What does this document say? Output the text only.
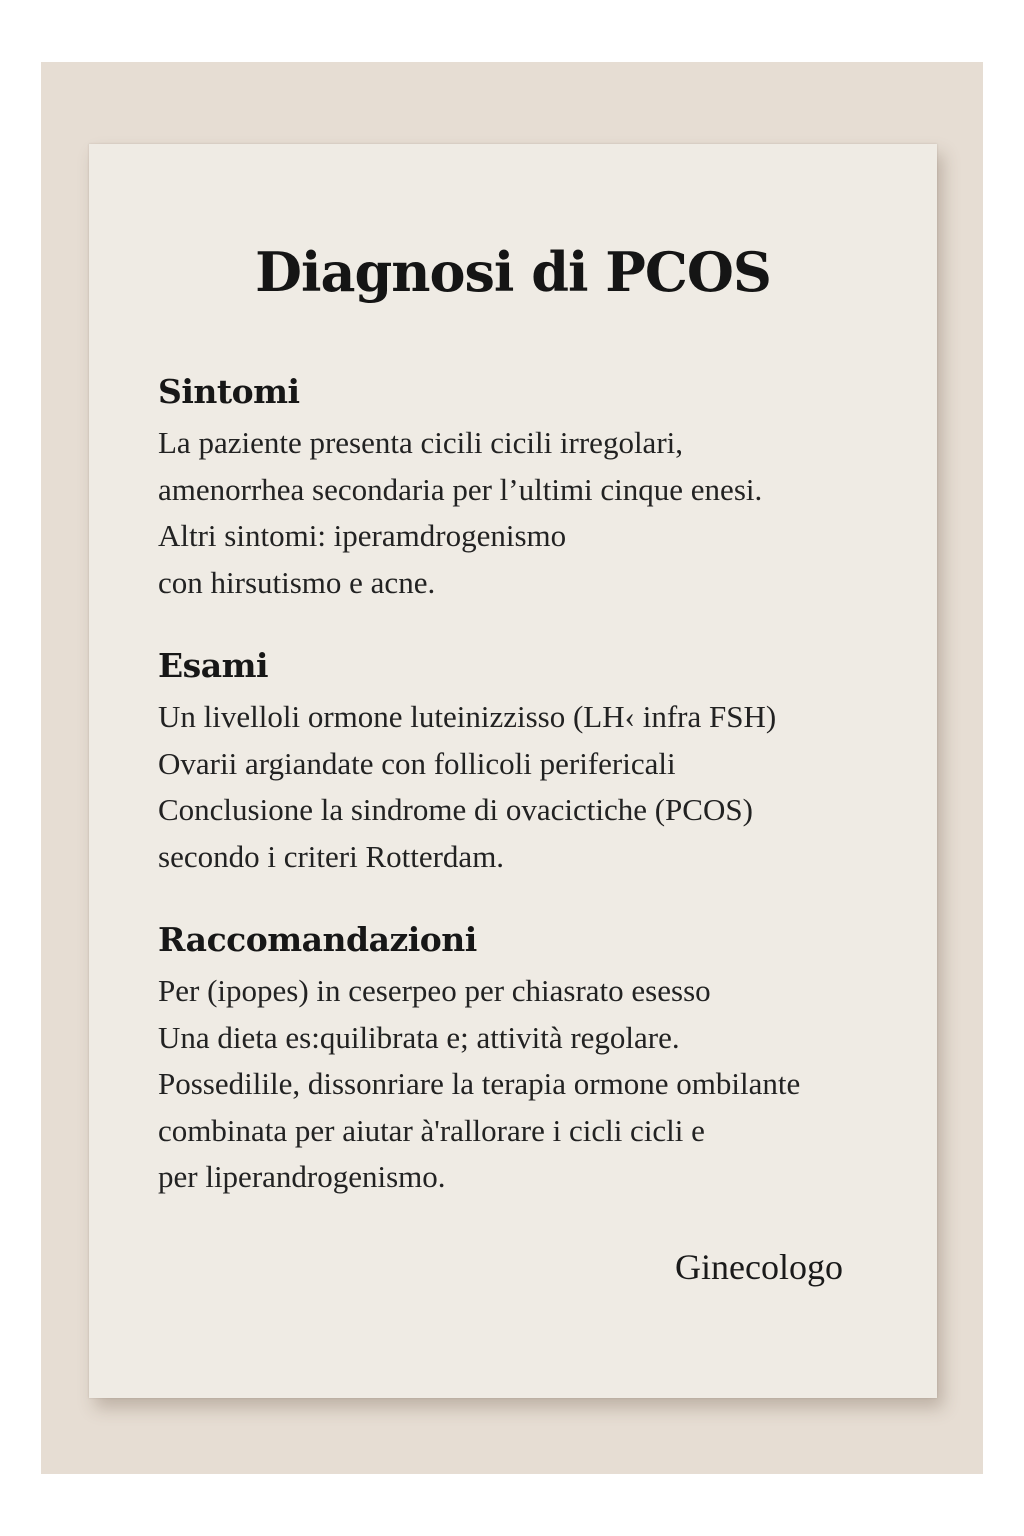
Diagnosi di PCOS
Sintomi
La paziente presenta cicili cicili irregolari,
amenorrhea secondaria per l’ultimi cinque enesi.
Altri sintomi: iperamdrogenismo
con hirsutismo e acne.
Esami
Un livelloli ormone luteinizzisso (LH‹ infra FSH)
Ovarii argiandate con follicoli perifericali
Conclusione la sindrome di ovacictiche (PCOS)
secondo i criteri Rotterdam.
Raccomandazioni
Per (ipopes) in ceserpeo per chiasrato esesso
Una dieta es:quilibrata e; attività regolare.
Possedilile, dissonriare la terapia ormone ombilante
combinata per aiutar à'rallorare i cicli cicli e
per liperandrogenismo.
Ginecologo
